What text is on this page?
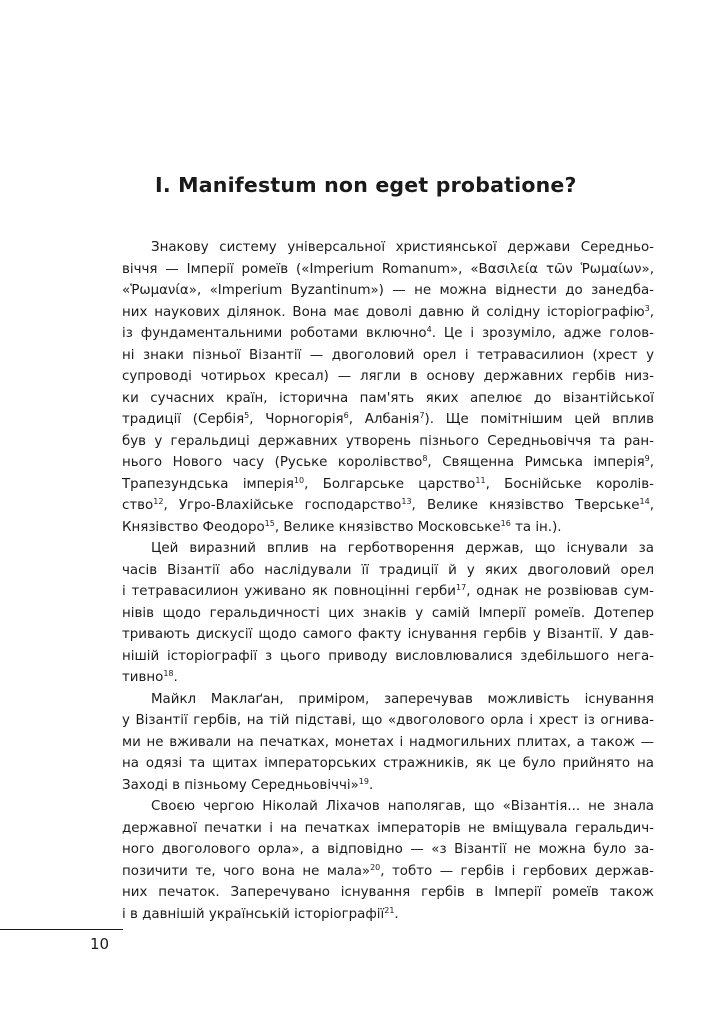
I. Manifestum non eget probatione?
Знакову систему універсальної християнської держави Середньо-
віччя — Імперії ромеїв («Imperium Romanum», «Βασιλεία τῶν Ῥωμαίων»,
«Ῥωμανία», «Imperium Byzantinum») — не можна віднести до занедба-
них наукових ділянок. Вона має доволі давню й солідну історіографію$^3$,
із фундаментальними роботами включно$^4$. Це і зрозуміло, адже голов-
ні знаки пізньої Візантії — двоголовий орел і тетравасилион (хрест у
супроводі чотирьох кресал) — лягли в основу державних гербів низ-
ки сучасних країн, історична пам'ять яких апелює до візантійської
традиції (Сербія$^5$, Чорногорія$^6$, Албанія$^7$). Ще помітнішим цей вплив
був у геральдиці державних утворень пізнього Середньовіччя та ран-
нього Нового часу (Руське королівство$^8$, Священна Римська імперія$^9$,
Трапезундська імперія$^{10}$, Болгарське царство$^{11}$, Боснійське королів-
ство$^{12}$, Угро-Влахійське господарство$^{13}$, Велике князівство Тверське$^{14}$,
Князівство Феодоро$^{15}$, Велике князівство Московське$^{16}$ та ін.).
Цей виразний вплив на герботворення держав, що існували за
часів Візантії або наслідували її традиції й у яких двоголовий орел
і тетравасилион уживано як повноцінні герби$^{17}$, однак не розвіював сум-
нівів щодо геральдичності цих знаків у самій Імперії ромеїв. Дотепер
тривають дискусії щодо самого факту існування гербів у Візантії. У дав-
нішій історіографії з цього приводу висловлювалися здебільшого нега-
тивно$^{18}$.
Майкл Маклаґан, приміром, заперечував можливість існування
у Візантії гербів, на тій підставі, що «двоголового орла і хрест із огнива-
ми не вживали на печатках, монетах і надмогильних плитах, а також —
на одязі та щитах імператорських стражників, як це було прийнято на
Заході в пізньому Середньовіччі»$^{19}$.
Своєю чергою Ніколай Ліхачов наполягав, що «Візантія... не знала
державної печатки і на печатках імператорів не вміщувала геральдич-
ного двоголового орла», а відповідно — «з Візантії не можна було за-
позичити те, чого вона не мала»$^{20}$, тобто — гербів і гербових держав-
них печаток. Заперечувано існування гербів в Імперії ромеїв також
і в давнішій українській історіографії$^{21}$.
10
